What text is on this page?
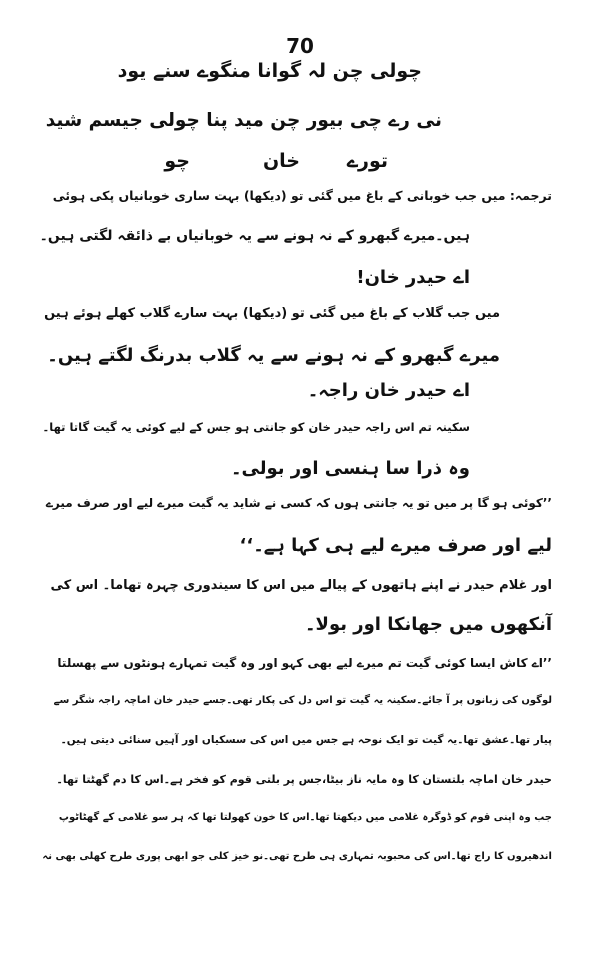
70
چولی چن لہ گوانا منگوے سنے یود
نی رے چی بیور چن مید پنا چولی جیسم شید
تورے
خان
چو
ترجمہ: میں جب خوبانی کے باغ میں گئی تو (دیکھا) بہت ساری خوبانیاں پکی ہوئی
ہیں۔میرے گبھرو کے نہ ہونے سے یہ خوبانیاں بے ذائقہ لگتی ہیں۔
اے حیدر خان!
میں جب گلاب کے باغ میں گئی تو (دیکھا) بہت سارے گلاب کھلے ہوئے ہیں
میرے گبھرو کے نہ ہونے سے یہ گلاب بدرنگ لگتے ہیں۔
اے حیدر خان راجہ۔
سکینہ تم اس راجہ حیدر خان کو جانتی ہو جس کے لیے کوئی یہ گیت گاتا تھا۔
وہ ذرا سا ہنسی اور بولی۔
’’کوئی ہو گا پر میں تو یہ جانتی ہوں کہ کسی نے شاید یہ گیت میرے لیے اور صرف میرے
لیے اور صرف میرے لیے ہی کہا ہے۔‘‘
اور غلام حیدر نے اپنے ہاتھوں کے پیالے میں اس کا سیندوری چہرہ تھاما۔ اس کی
آنکھوں میں جھانکا اور بولا۔
’’اے کاش ایسا کوئی گیت تم میرے لیے بھی کہو اور وہ گیت تمہارے ہونٹوں سے پھسلتا
لوگوں کی زبانوں پر آ جائے۔سکینہ یہ گیت تو اس دل کی پکار تھی۔جسے حیدر خان اماچہ راجہ شگر سے
پیار تھا۔عشق تھا۔یہ گیت تو ایک نوحہ ہے جس میں اس کی سسکیاں اور آہیں سنائی دیتی ہیں۔
حیدر خان اماچہ بلتستان کا وہ مایہ ناز بیٹا،جس پر بلتی قوم کو فخر ہے۔اس کا دم گھٹتا تھا۔
جب وہ اپنی قوم کو ڈوگرہ غلامی میں دیکھتا تھا۔اس کا خون کھولتا تھا کہ ہر سو غلامی کے گھٹاٹوپ
اندھیروں کا راج تھا۔اس کی محبوبہ تمہاری ہی طرح تھی۔نو خیز کلی جو ابھی پوری طرح کھلی بھی نہ
